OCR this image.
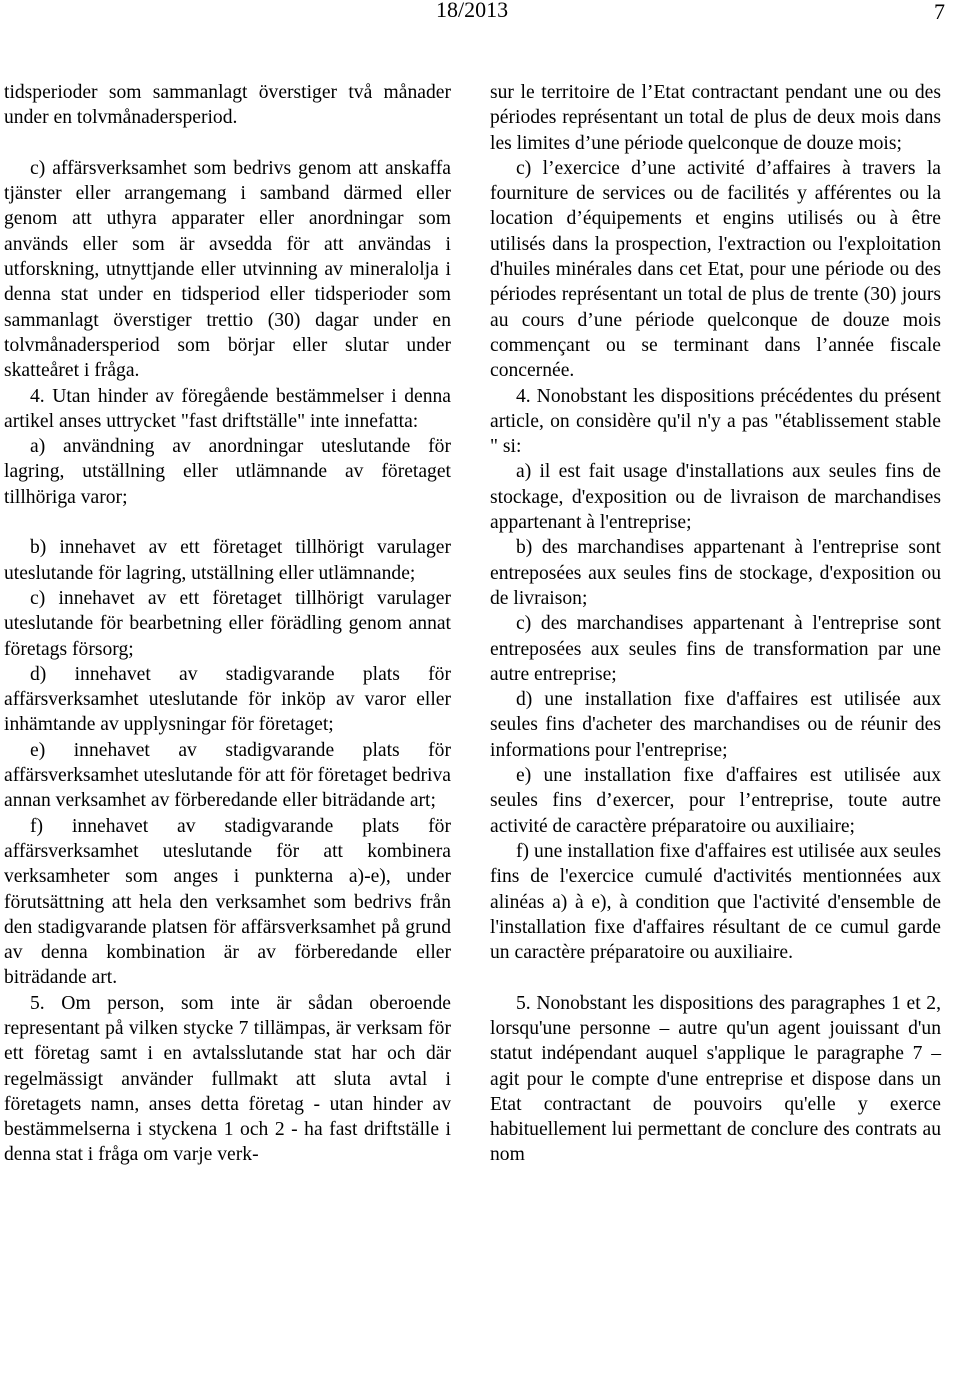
18/2013	7

tidsperioder som sammanlagt överstiger två månader under en tolvmånadersperiod.

c) affärsverksamhet som bedrivs genom att anskaffa tjänster eller arrangemang i samband därmed eller genom att uthyra apparater eller anordningar som används eller som är avsedda för att användas i utforskning, utnyttjande eller utvinning av mineralolja i denna stat under en tidsperiod eller tidsperioder som sammanlagt överstiger trettio (30) dagar under en tolvmånadersperiod som börjar eller slutar under skatteåret i fråga.

4. Utan hinder av föregående bestämmelser i denna artikel anses uttrycket "fast driftställe" inte innefatta:

a) användning av anordningar uteslutande för lagring, utställning eller utlämnande av företaget tillhöriga varor;

b) innehavet av ett företaget tillhörigt varulager uteslutande för lagring, utställning eller utlämnande;

c) innehavet av ett företaget tillhörigt varulager uteslutande för bearbetning eller förädling genom annat företags försorg;

d) innehavet av stadigvarande plats för affärsverksamhet uteslutande för inköp av varor eller inhämtande av upplysningar för företaget;

e) innehavet av stadigvarande plats för affärsverksamhet uteslutande för att för företaget bedriva annan verksamhet av förberedande eller biträdande art;

f) innehavet av stadigvarande plats för affärsverksamhet uteslutande för att kombinera verksamheter som anges i punkterna a)-e), under förutsättning att hela den verksamhet som bedrivs från den stadigvarande platsen för affärsverksamhet på grund av denna kombination är av förberedande eller biträdande art.

5. Om person, som inte är sådan oberoende representant på vilken stycke 7 tillämpas, är verksam för ett företag samt i en avtalsslutande stat har och där regelmässigt använder fullmakt att sluta avtal i företagets namn, anses detta företag - utan hinder av bestämmelserna i styckena 1 och 2 - ha fast driftställe i denna stat i fråga om varje verk-

sur le territoire de l’Etat contractant pendant une ou des périodes représentant un total de plus de deux mois dans les limites d’une période quelconque de douze mois;

c) l’exercice d’une activité d’affaires à travers la fourniture de services ou de facilités y afférentes ou la location d’équipements et engins utilisés ou à être utilisés dans la prospection, l'extraction ou l'exploitation d'huiles minérales dans cet Etat, pour une période ou des périodes représentant un total de plus de trente (30) jours au cours d’une période quelconque de douze mois commençant ou se terminant dans l’année fiscale concernée.

4. Nonobstant les dispositions précédentes du présent article, on considère qu'il n'y a pas "établissement stable " si:

a) il est fait usage d'installations aux seules fins de stockage, d'exposition ou de livraison de marchandises appartenant à l'entreprise;

b) des marchandises appartenant à l'entreprise sont entreposées aux seules fins de stockage, d'exposition ou de livraison;

c) des marchandises appartenant à l'entreprise sont entreposées aux seules fins de transformation par une autre entreprise;

d) une installation fixe d'affaires est utilisée aux seules fins d'acheter des marchandises ou de réunir des informations pour l'entreprise;

e) une installation fixe d'affaires est utilisée aux seules fins d’exercer, pour l’entreprise, toute autre activité de caractère préparatoire ou auxiliaire;

f) une installation fixe d'affaires est utilisée aux seules fins de l'exercice cumulé d'activités mentionnées aux alinéas a) à e), à condition que l'activité d'ensemble de l'installation fixe d'affaires résultant de ce cumul garde un caractère préparatoire ou auxiliaire.

5. Nonobstant les dispositions des paragraphes 1 et 2, lorsqu'une personne – autre qu'un agent jouissant d'un statut indépendant auquel s'applique le paragraphe 7 – agit pour le compte d'une entreprise et dispose dans un Etat contractant de pouvoirs qu'elle y exerce habituellement lui permettant de conclure des contrats au nom
